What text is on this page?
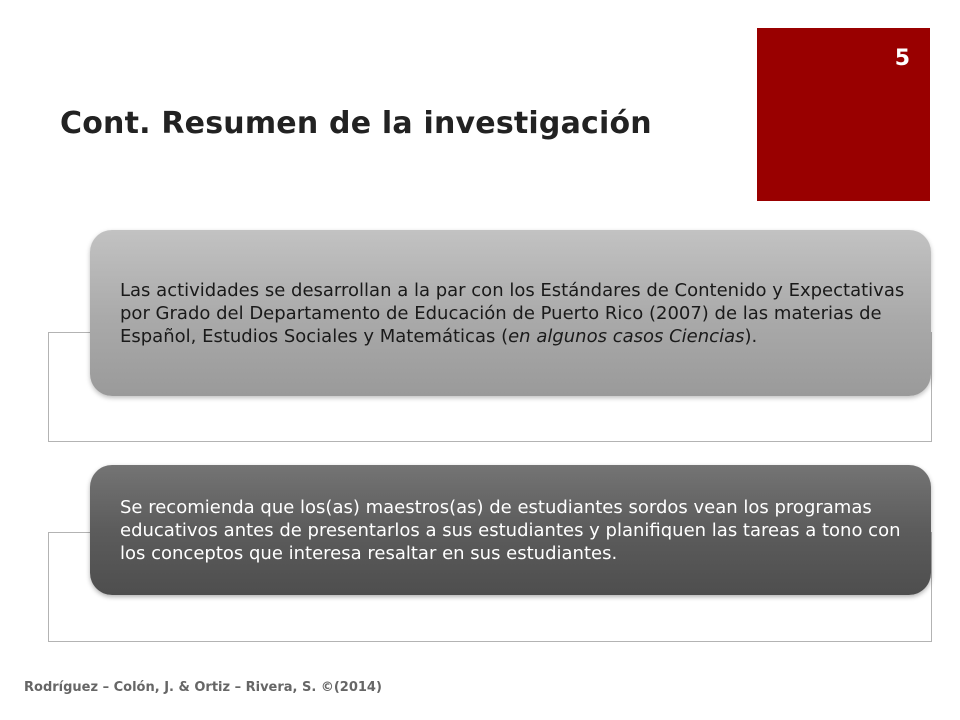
5
Cont. Resumen de la investigación

Las actividades se desarrollan a la par con los Estándares de Contenido y Expectativas por Grado del Departamento de Educación de Puerto Rico (2007) de las materias de Español, Estudios Sociales y Matemáticas (en algunos casos Ciencias).

Se recomienda que los(as) maestros(as) de estudiantes sordos vean los programas educativos antes de presentarlos a sus estudiantes y planifiquen las tareas a tono con los conceptos que interesa resaltar en sus estudiantes.

Rodríguez – Colón, J. & Ortiz – Rivera, S. ©(2014)
